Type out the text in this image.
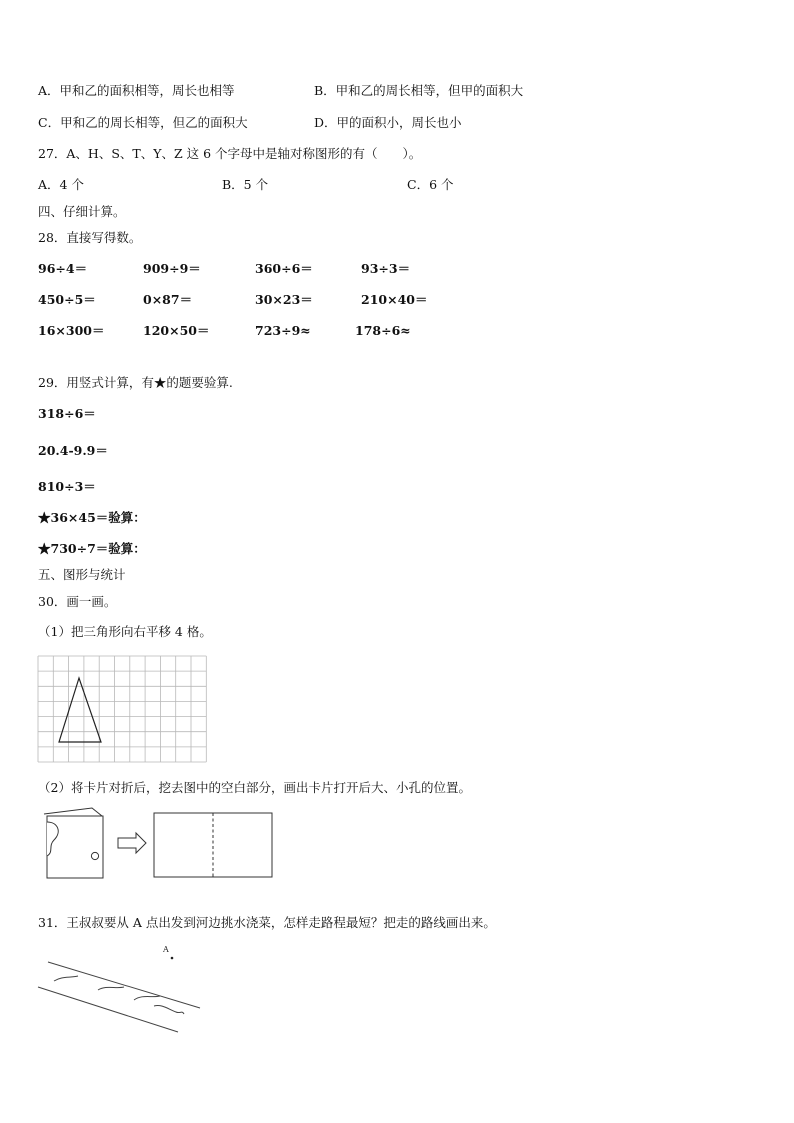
A．甲和乙的面积相等，周长也相等	B．甲和乙的周长相等，但甲的面积大
C．甲和乙的周长相等，但乙的面积大	D．甲的面积小，周长也小
27．A、H、S、T、Y、Z 这 6 个字母中是轴对称图形的有（　　）。
A．4 个	B．5 个	C．6 个
四、仔细计算。
28．直接写得数。
96÷4＝	909÷9＝	360÷6＝	93÷3＝
450÷5＝	0×87＝	30×23＝	210×40＝
16×300＝	120×50＝	723÷9≈	178÷6≈
29．用竖式计算，有★的题要验算.
318÷6＝
20.4-9.9＝
810÷3＝
★36×45＝验算：
★730÷7＝验算：
五、图形与统计
30．画一画。
（1）把三角形向右平移 4 格。
（2）将卡片对折后，挖去图中的空白部分，画出卡片打开后大、小孔的位置。
31．王叔叔要从 A 点出发到河边挑水浇菜，怎样走路程最短？把走的路线画出来。
A
